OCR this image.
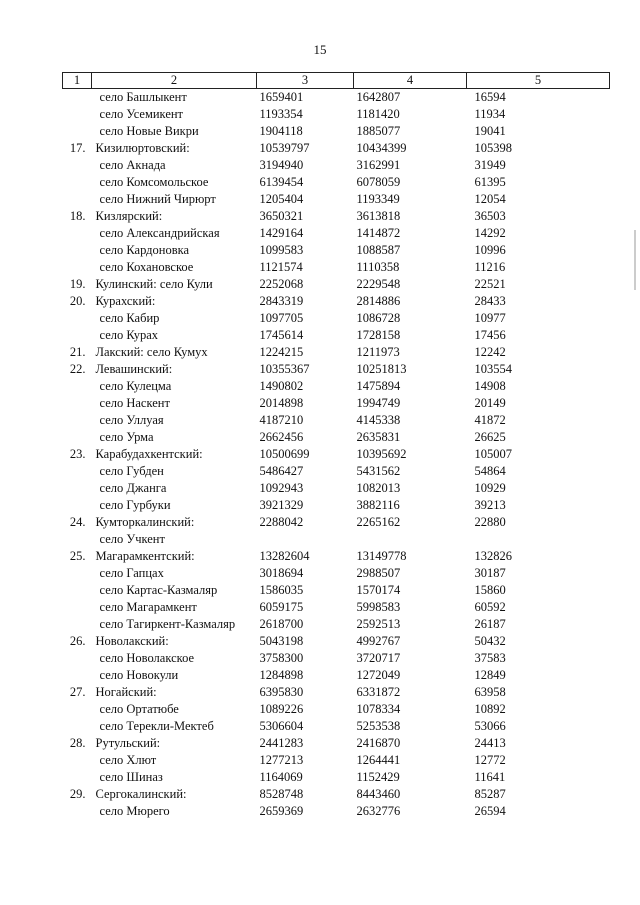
15
1	2	3	4	5
	село Башлыкент	1659401	1642807	16594
	село Усемикент	1193354	1181420	11934
	село Новые Викри	1904118	1885077	19041
17.	Кизилюртовский:	10539797	10434399	105398
	село Акнада	3194940	3162991	31949
	село Комсомольское	6139454	6078059	61395
	село Нижний Чирюрт	1205404	1193349	12054
18.	Кизлярский:	3650321	3613818	36503
	село Александрийская	1429164	1414872	14292
	село Кардоновка	1099583	1088587	10996
	село Кохановское	1121574	1110358	11216
19.	Кулинский: село Кули	2252068	2229548	22521
20.	Курахский:	2843319	2814886	28433
	село Кабир	1097705	1086728	10977
	село Курах	1745614	1728158	17456
21.	Лакский: село Кумух	1224215	1211973	12242
22.	Левашинский:	10355367	10251813	103554
	село Кулецма	1490802	1475894	14908
	село Наскент	2014898	1994749	20149
	село Уллуая	4187210	4145338	41872
	село Урма	2662456	2635831	26625
23.	Карабудахкентский:	10500699	10395692	105007
	село Губден	5486427	5431562	54864
	село Джанга	1092943	1082013	10929
	село Гурбуки	3921329	3882116	39213
24.	Кумторкалинский:	2288042	2265162	22880
	село Учкент			
25.	Магарамкентский:	13282604	13149778	132826
	село Гапцах	3018694	2988507	30187
	село Картас-Казмаляр	1586035	1570174	15860
	село Магарамкент	6059175	5998583	60592
	село Тагиркент-Казмаляр	2618700	2592513	26187
26.	Новолакский:	5043198	4992767	50432
	село Новолакское	3758300	3720717	37583
	село Новокули	1284898	1272049	12849
27.	Ногайский:	6395830	6331872	63958
	село Ортатюбе	1089226	1078334	10892
	село Терекли-Мектеб	5306604	5253538	53066
28.	Рутульский:	2441283	2416870	24413
	село Хлют	1277213	1264441	12772
	село Шиназ	1164069	1152429	11641
29.	Сергокалинский:	8528748	8443460	85287
	село Мюрего	2659369	2632776	26594
